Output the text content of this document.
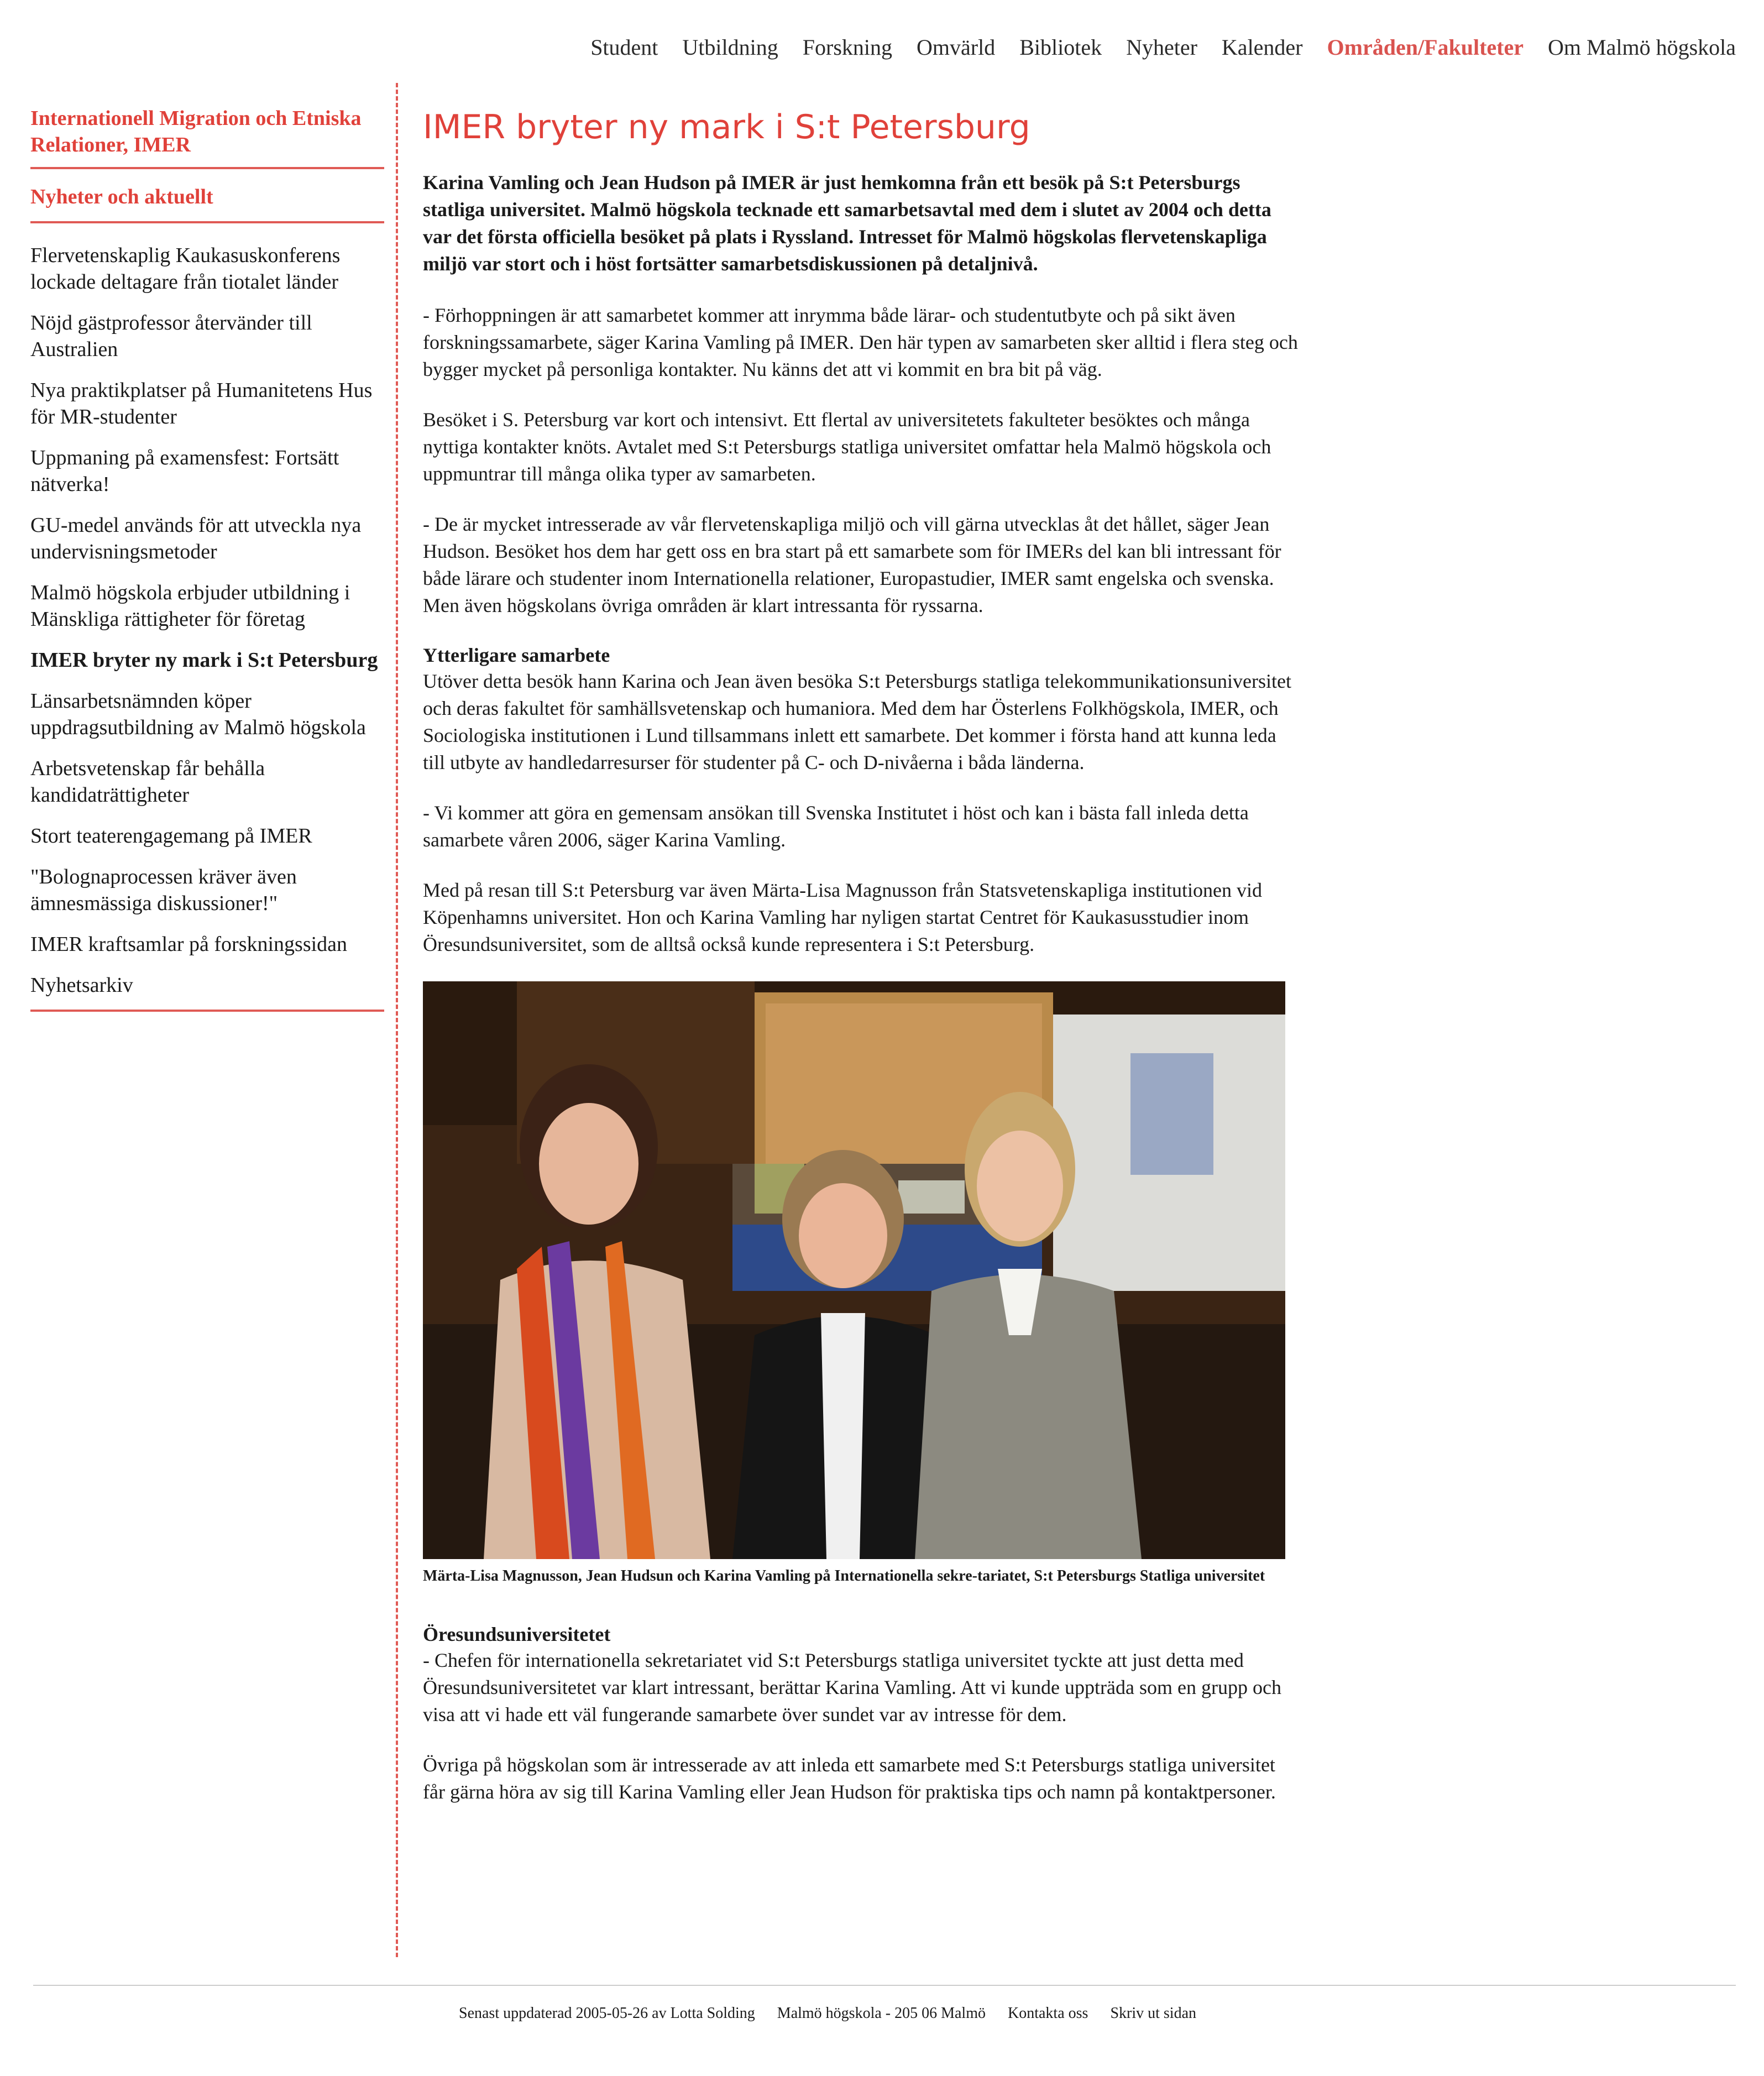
Student Utbildning Forskning Omvärld Bibliotek Nyheter Kalender Områden/Fakulteter Om Malmö högskola
Internationell Migration och Etniska Relationer, IMER
Nyheter och aktuellt
Flervetenskaplig Kaukasuskonferens lockade deltagare från tiotalet länder
Nöjd gästprofessor återvänder till Australien
Nya praktikplatser på Humanitetens Hus för MR-studenter
Uppmaning på examensfest: Fortsätt nätverka!
GU-medel används för att utveckla nya undervisningsmetoder
Malmö högskola erbjuder utbildning i Mänskliga rättigheter för företag
IMER bryter ny mark i S:t Petersburg
Länsarbetsnämnden köper uppdragsutbildning av Malmö högskola
Arbetsvetenskap får behålla kandidaträttigheter
Stort teaterengagemang på IMER
"Bolognaprocessen kräver även ämnesmässiga diskussioner!"
IMER kraftsamlar på forskningssidan
Nyhetsarkiv
IMER bryter ny mark i S:t Petersburg

Karina Vamling och Jean Hudson på IMER är just hemkomna från ett besök på S:t Petersburgs statliga universitet. Malmö högskola tecknade ett samarbetsavtal med dem i slutet av 2004 och detta var det första officiella besöket på plats i Ryssland. Intresset för Malmö högskolas flervetenskapliga miljö var stort och i höst fortsätter samarbetsdiskussionen på detaljnivå.

- Förhoppningen är att samarbetet kommer att inrymma både lärar- och studentutbyte och på sikt även forskningssamarbete, säger Karina Vamling på IMER. Den här typen av samarbeten sker alltid i flera steg och bygger mycket på personliga kontakter. Nu känns det att vi kommit en bra bit på väg.

Besöket i S. Petersburg var kort och intensivt. Ett flertal av universitetets fakulteter besöktes och många nyttiga kontakter knöts. Avtalet med S:t Petersburgs statliga universitet omfattar hela Malmö högskola och uppmuntrar till många olika typer av samarbeten.

- De är mycket intresserade av vår flervetenskapliga miljö och vill gärna utvecklas åt det hållet, säger Jean Hudson. Besöket hos dem har gett oss en bra start på ett samarbete som för IMERs del kan bli intressant för både lärare och studenter inom Internationella relationer, Europastudier, IMER samt engelska och svenska. Men även högskolans övriga områden är klart intressanta för ryssarna.

Ytterligare samarbete

Utöver detta besök hann Karina och Jean även besöka S:t Petersburgs statliga telekommunikationsuniversitet och deras fakultet för samhällsvetenskap och humaniora. Med dem har Österlens Folkhögskola, IMER, och Sociologiska institutionen i Lund tillsammans inlett ett samarbete. Det kommer i första hand att kunna leda till utbyte av handledarresurser för studenter på C- och D-nivåerna i båda länderna.

- Vi kommer att göra en gemensam ansökan till Svenska Institutet i höst och kan i bästa fall inleda detta samarbete våren 2006, säger Karina Vamling.

Med på resan till S:t Petersburg var även Märta-Lisa Magnusson från Statsvetenskapliga institutionen vid Köpenhamns universitet. Hon och Karina Vamling har nyligen startat Centret för Kaukasusstudier inom Öresundsuniversitet, som de alltså också kunde representera i S:t Petersburg.

Märta-Lisa Magnusson, Jean Hudsun och Karina Vamling på Internationella sekre-tariatet, S:t Petersburgs Statliga universitet
Öresundsuniversitetet

- Chefen för internationella sekretariatet vid S:t Petersburgs statliga universitet tyckte att just detta med Öresundsuniversitetet var klart intressant, berättar Karina Vamling. Att vi kunde uppträda som en grupp och visa att vi hade ett väl fungerande samarbete över sundet var av intresse för dem.

Övriga på högskolan som är intresserade av att inleda ett samarbete med S:t Petersburgs statliga universitet får gärna höra av sig till Karina Vamling eller Jean Hudson för praktiska tips och namn på kontaktpersoner.

Senast uppdaterad 2005-05-26 av Lotta Solding Malmö högskola - 205 06 Malmö Kontakta oss Skriv ut sidan
